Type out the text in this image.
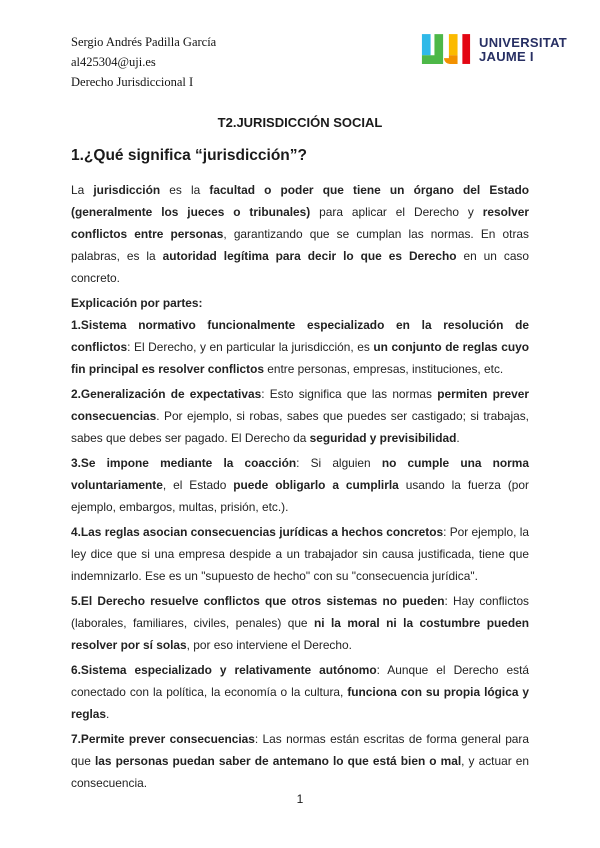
Sergio Andrés Padilla García
al425304@uji.es
Derecho Jurisdiccional I
UNIVERSITAT
JAUME I
T2.JURISDICCIÓN SOCIAL
1.¿Qué significa “jurisdicción”?
La jurisdicción es la facultad o poder que tiene un órgano del Estado (generalmente los jueces o tribunales) para aplicar el Derecho y resolver conflictos entre personas, garantizando que se cumplan las normas. En otras palabras, es la autoridad legítima para decir lo que es Derecho en un caso concreto.
Explicación por partes:
1.Sistema normativo funcionalmente especializado en la resolución de conflictos: El Derecho, y en particular la jurisdicción, es un conjunto de reglas cuyo fin principal es resolver conflictos entre personas, empresas, instituciones, etc.
2.Generalización de expectativas: Esto significa que las normas permiten prever consecuencias. Por ejemplo, si robas, sabes que puedes ser castigado; si trabajas, sabes que debes ser pagado. El Derecho da seguridad y previsibilidad.
3.Se impone mediante la coacción: Si alguien no cumple una norma voluntariamente, el Estado puede obligarlo a cumplirla usando la fuerza (por ejemplo, embargos, multas, prisión, etc.).
4.Las reglas asocian consecuencias jurídicas a hechos concretos: Por ejemplo, la ley dice que si una empresa despide a un trabajador sin causa justificada, tiene que indemnizarlo. Ese es un "supuesto de hecho" con su "consecuencia jurídica".
5.El Derecho resuelve conflictos que otros sistemas no pueden: Hay conflictos (laborales, familiares, civiles, penales) que ni la moral ni la costumbre pueden resolver por sí solas, por eso interviene el Derecho.
6.Sistema especializado y relativamente autónomo: Aunque el Derecho está conectado con la política, la economía o la cultura, funciona con su propia lógica y reglas.
7.Permite prever consecuencias: Las normas están escritas de forma general para que las personas puedan saber de antemano lo que está bien o mal, y actuar en consecuencia.
1
